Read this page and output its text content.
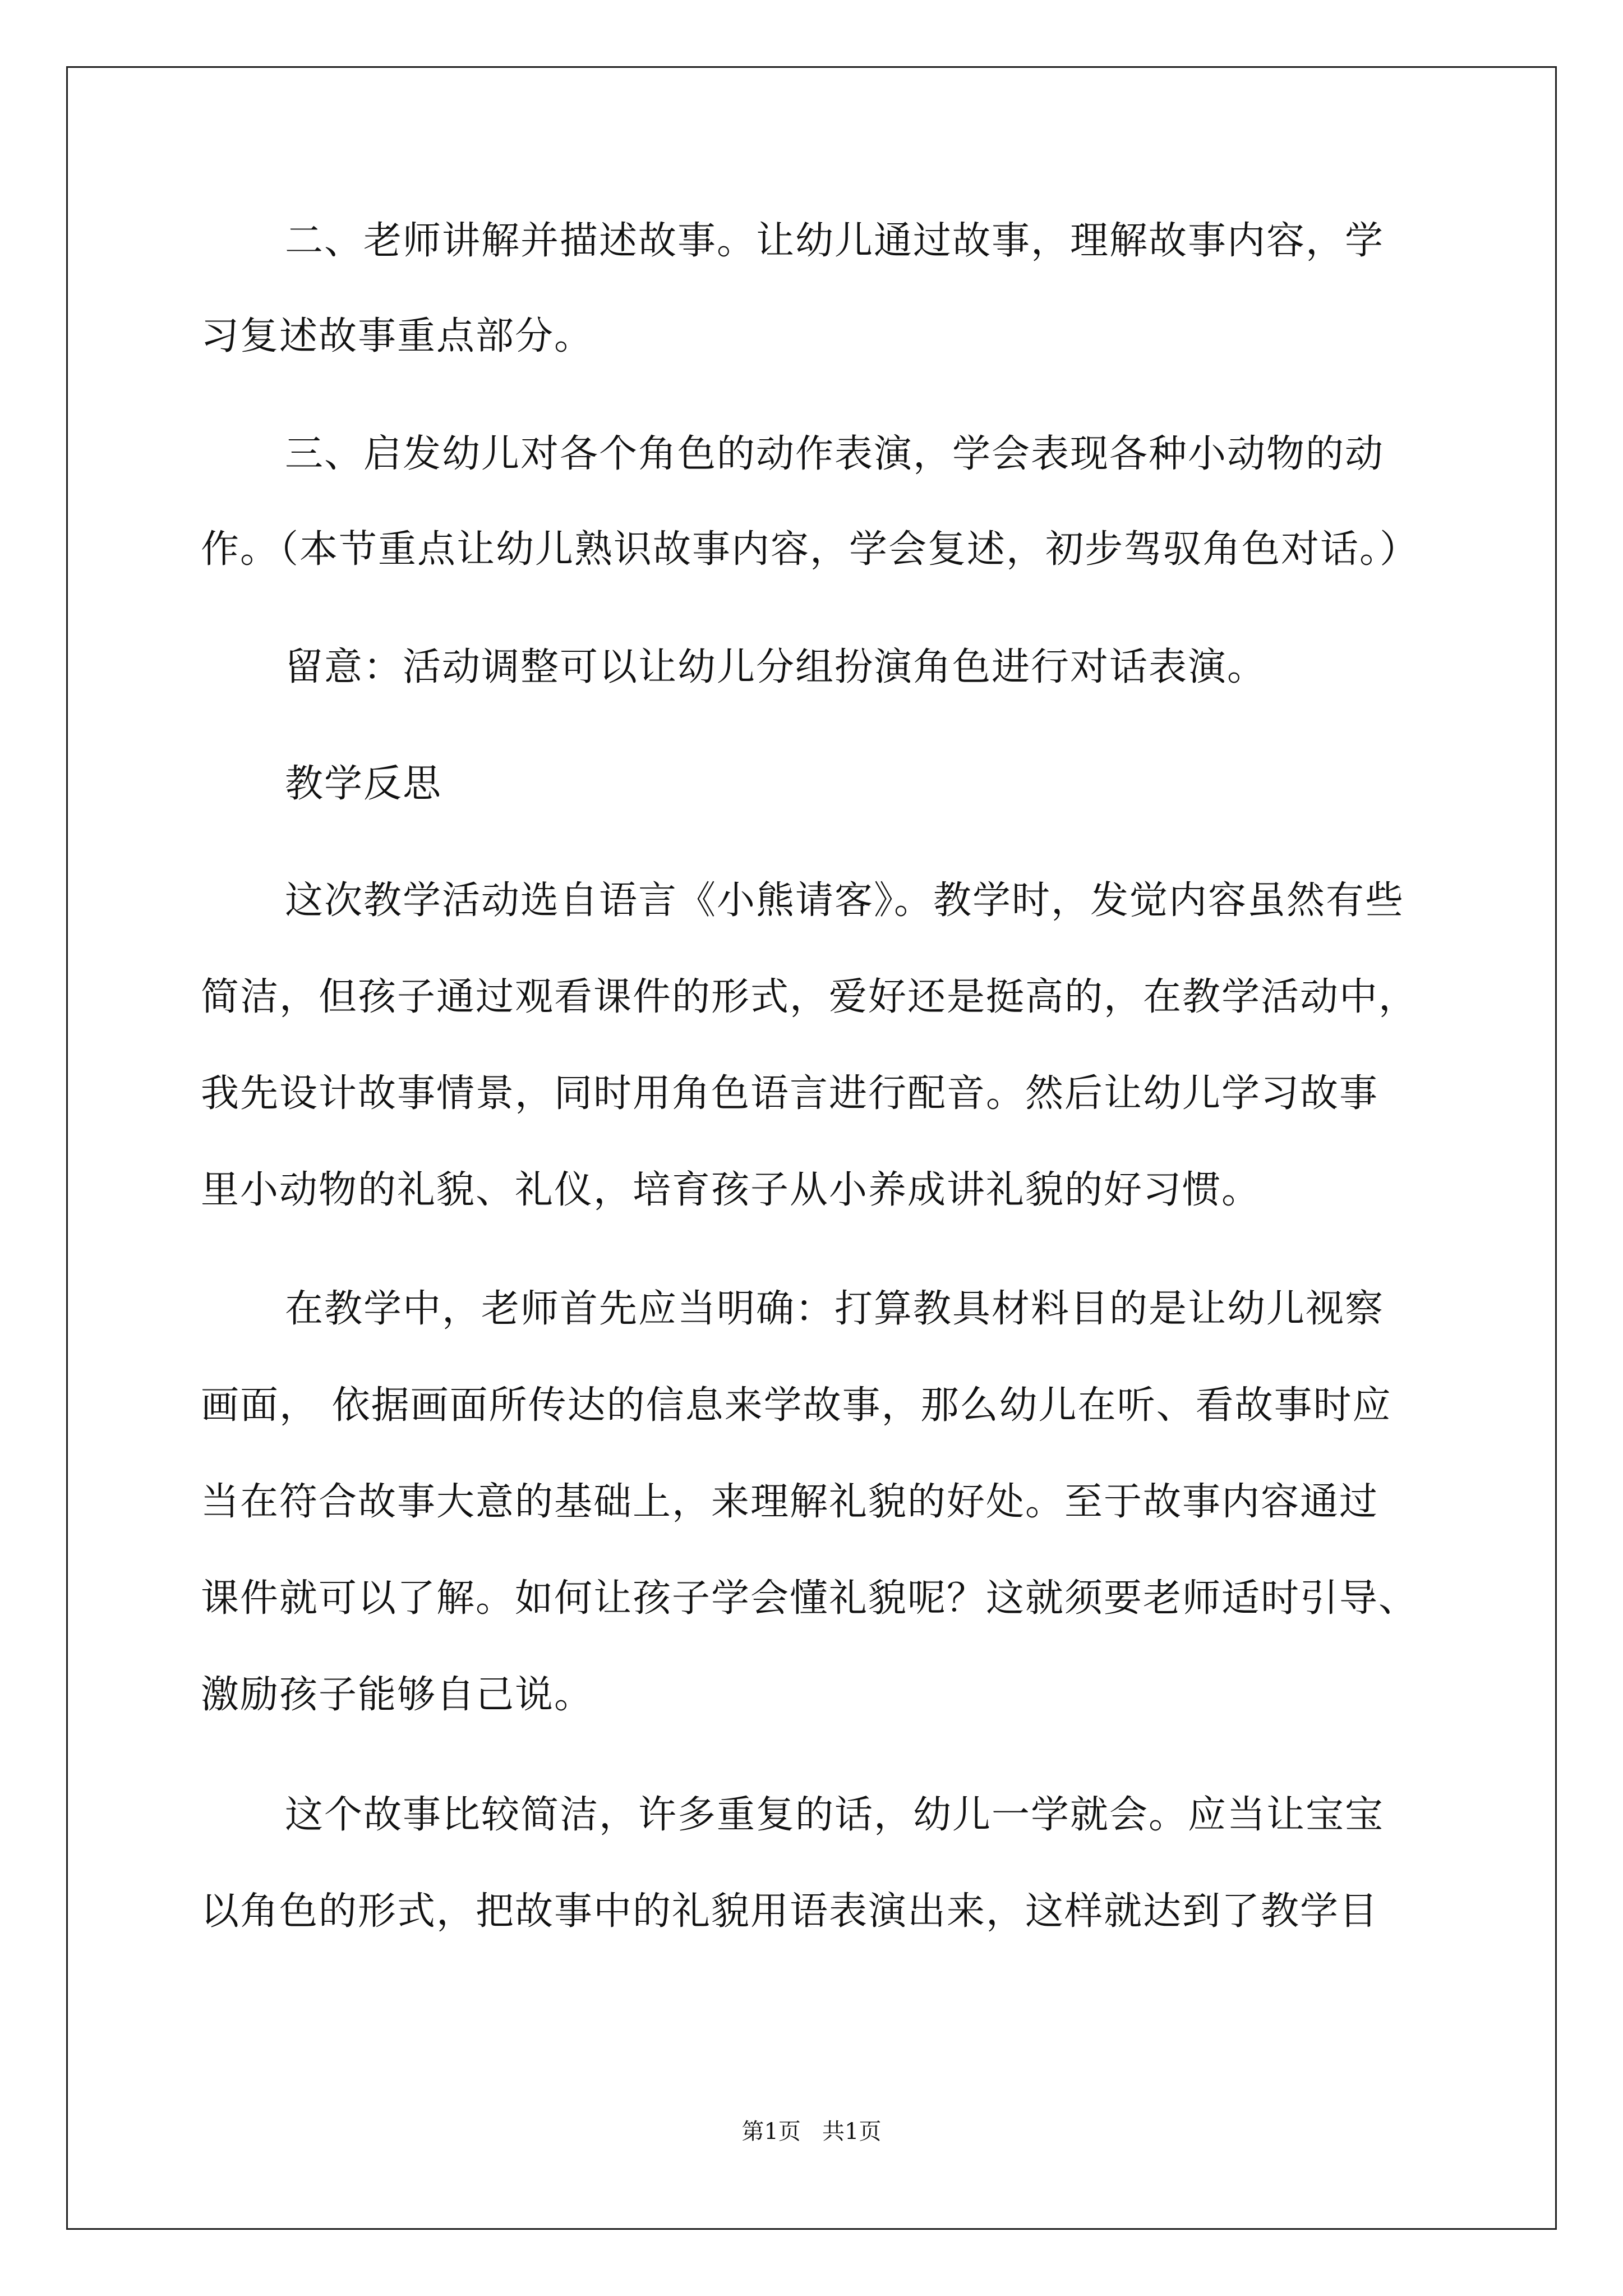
二、老师讲解并描述故事。让幼儿通过故事，理解故事内容，学
习复述故事重点部分。
三、启发幼儿对各个角色的动作表演，学会表现各种小动物的动
作。（本节重点让幼儿熟识故事内容，学会复述，初步驾驭角色对话。）
留意：活动调整可以让幼儿分组扮演角色进行对话表演。
教学反思
这次教学活动选自语言《小熊请客》。教学时，发觉内容虽然有些
简洁，但孩子通过观看课件的形式，爱好还是挺高的，在教学活动中，
我先设计故事情景，同时用角色语言进行配音。然后让幼儿学习故事
里小动物的礼貌、礼仪，培育孩子从小养成讲礼貌的好习惯。
在教学中，老师首先应当明确：打算教具材料目的是让幼儿视察
画面， 依据画面所传达的信息来学故事，那么幼儿在听、看故事时应
当在符合故事大意的基础上，来理解礼貌的好处。至于故事内容通过
课件就可以了解。如何让孩子学会懂礼貌呢？这就须要老师适时引导、
激励孩子能够自己说。
这个故事比较简洁，许多重复的话，幼儿一学就会。应当让宝宝
以角色的形式，把故事中的礼貌用语表演出来，这样就达到了教学目
第1页   共1页
